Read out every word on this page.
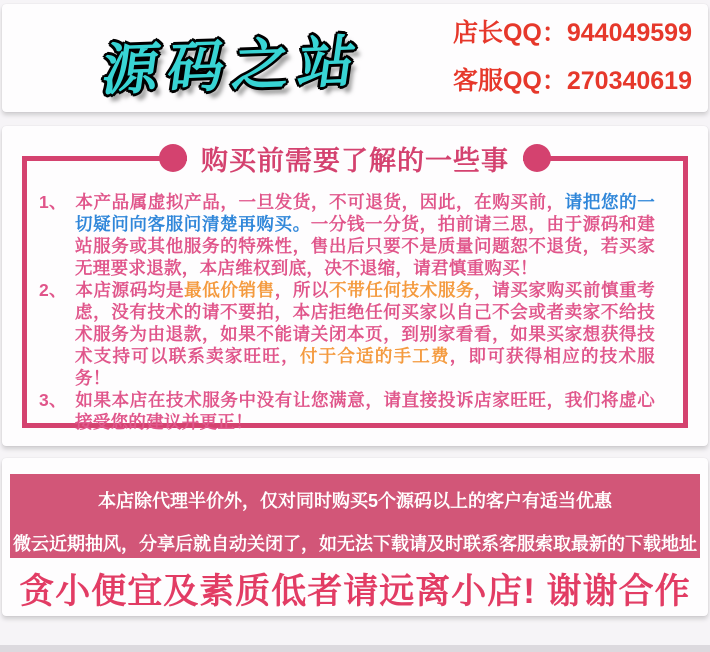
源码之站	店长QQ：944049599
客服QQ：270340619
购买前需要了解的一些事
1、 本产品属虚拟产品，一旦发货，不可退货，因此，在购买前，请把您的一切疑问向客服问清楚再购买。一分钱一分货，拍前请三思，由于源码和建站服务或其他服务的特殊性，售出后只要不是质量问题恕不退货，若买家无理要求退款，本店维权到底，决不退缩，请君慎重购买！
2、 本店源码均是最低价销售，所以不带任何技术服务，请买家购买前慎重考虑，没有技术的请不要拍，本店拒绝任何买家以自己不会或者卖家不给技术服务为由退款，如果不能请关闭本页，到别家看看，如果买家想获得技术支持可以联系卖家旺旺，付于合适的手工费，即可获得相应的技术服务！
3、 如果本店在技术服务中没有让您满意，请直接投诉店家旺旺，我们将虚心接受您的建议并更正！
本店除代理半价外，仅对同时购买5个源码以上的客户有适当优惠
微云近期抽风，分享后就自动关闭了，如无法下载请及时联系客服索取最新的下载地址
贪小便宜及素质低者请远离小店! 谢谢合作
